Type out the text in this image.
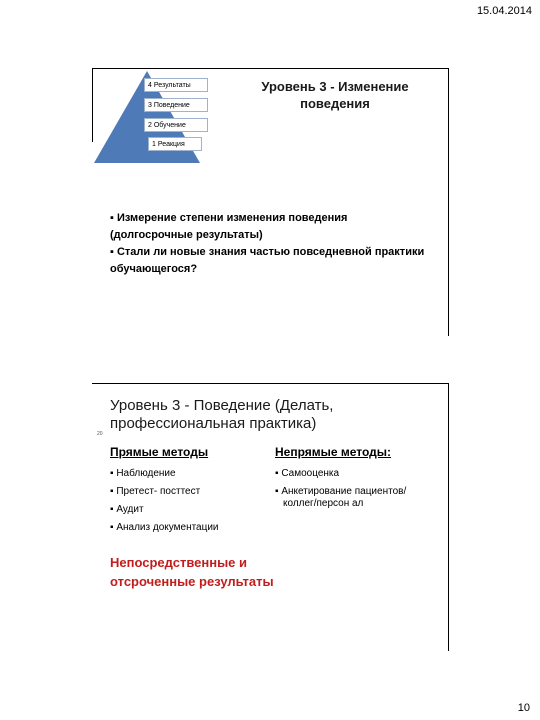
15.04.2014
4 Результаты
3 Поведение
2 Обучение
1 Реакция
Уровень 3 - Изменение поведения

▪ Измерение степени изменения поведения (долгосрочные результаты)

▪ Стали ли новые знания частью повседневной практики обучающегося?

20
Уровень 3 - Поведение (Делать, профессиональная практика)
Прямые методы
▪ Наблюдение
▪ Претест- посттест
▪ Аудит
▪ Анализ документации
Непрямые методы:
▪ Самооценка
▪ Анкетирование пациентов/коллег/персон ал
Непосредственные и отсроченные результаты
10
